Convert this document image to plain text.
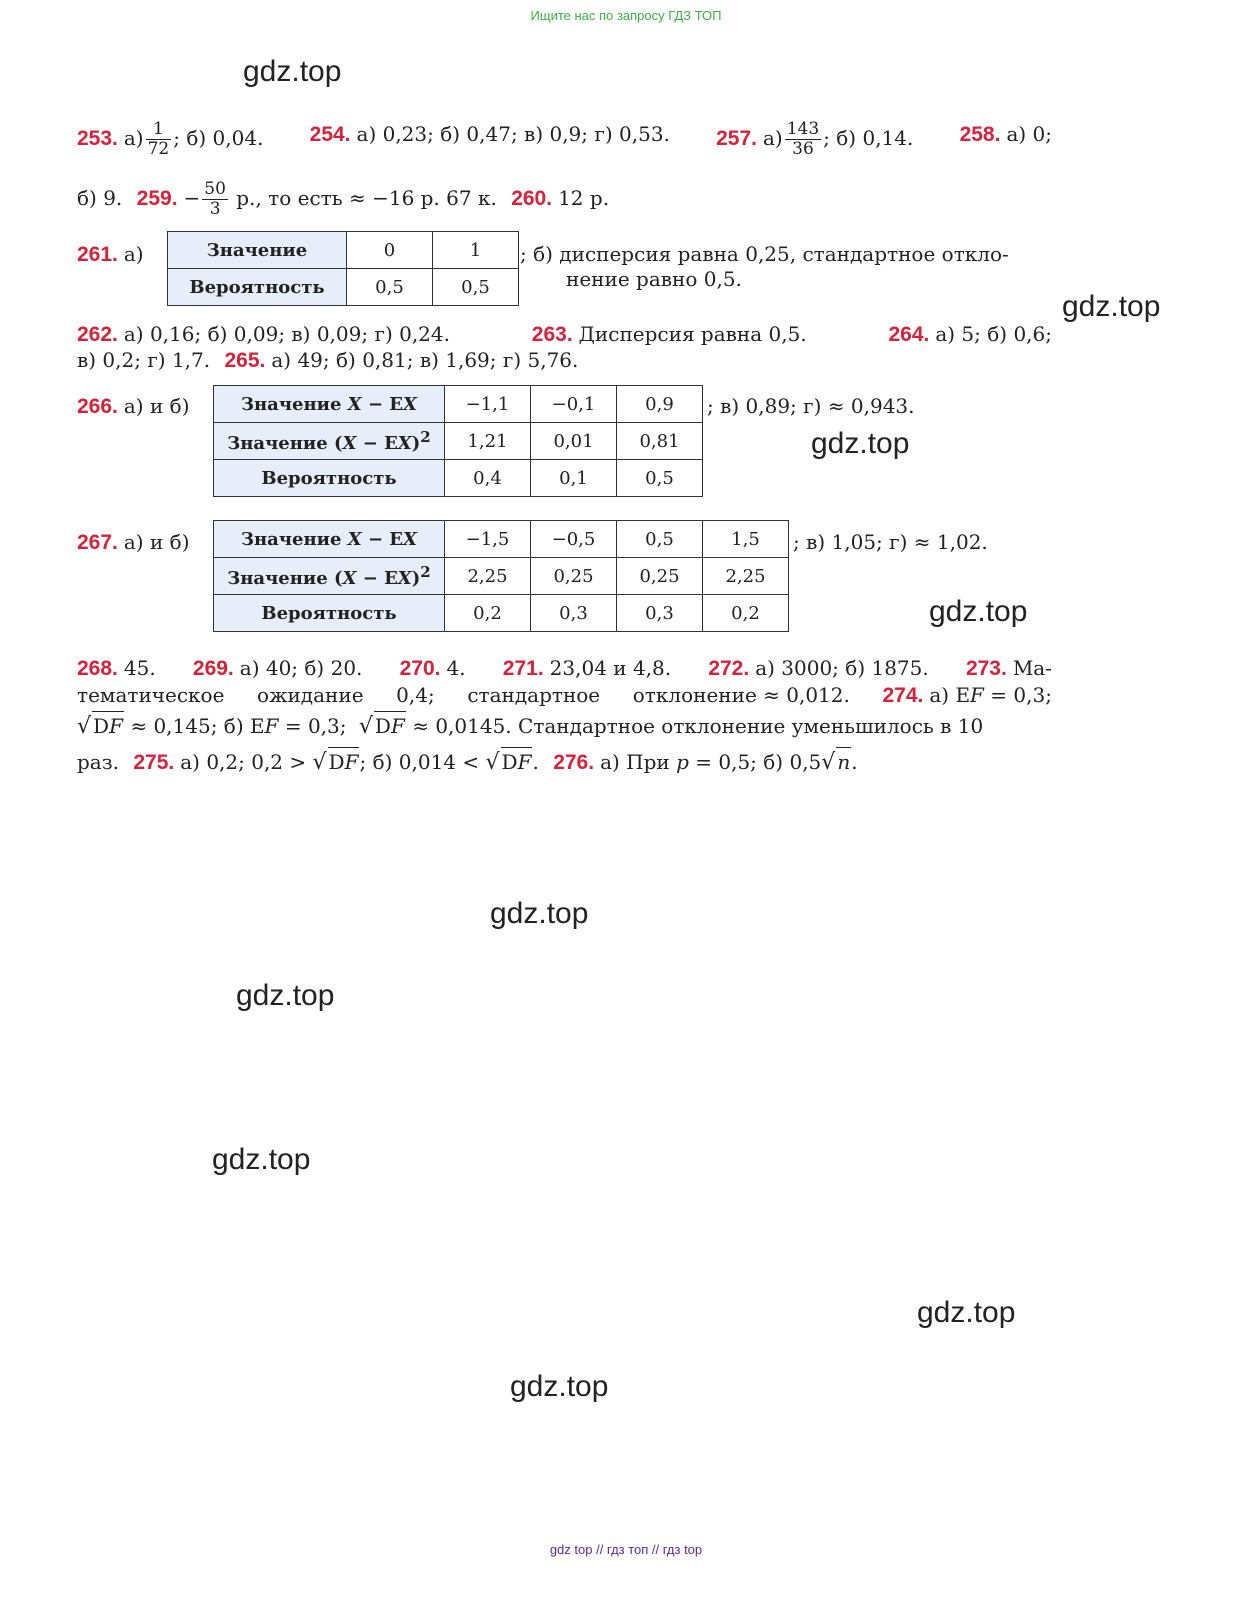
Ищите нас по запросу ГДЗ ТОП
gdz.top
gdz.top
gdz.top
gdz.top
gdz.top
gdz.top
gdz.top
gdz.top
gdz.top
253. $а) \frac{1}{72}$ ; б) 0,04. 254. а) 0,23; б) 0,47; в) 0,9; г) 0,53. 257. $а) \frac{143}{36}$ ; б) 0,14. 258. а) 0;
б) 9. 259. − $\frac{50}{3} р$., то есть ≈ −16 р. 67 к. 260. 12 р.
261. а)	Значение	0	1
Вероятность	0,5	0,5
; б) дисперсия равна 0,25, стандартное откло-
нение равно 0,5.
262. а) 0,16; б) 0,09; в) 0,09; г) 0,24.	263. Дисперсия равна 0,5.	264. а) 5; б) 0,6;
в) 0,2; г) 1,7. 265. а) 49; б) 0,81; в) 1,69; г) 5,76.
266. а) и б)	Значение X − EX	−1,1	−0,1	0,9
Значение (X − EX)$^2$	1,21	0,01	0,81
Вероятность	0,4	0,1	0,5
; в) 0,89; г) ≈ 0,943.
267. а) и б)	Значение X − EX	−1,5	−0,5	0,5	1,5
Значение (X − EX)$^2$	2,25	0,25	0,25	2,25
Вероятность	0,2	0,3	0,3	0,2
; в) 1,05; г) ≈ 1,02.
268. 45. 269. а) 40; б) 20. 270. 4. 271. 23,04 и 4,8. 272. а) 3000; б) 1875. 273. Ма-
тематическое ожидание 0,4; стандартное отклонение ≈ 0,012. 274. а) EF = 0,3;
√ DF ≈ 0,145; б) EF = 0,3; √ DF ≈ 0,0145. Стандартное отклонение уменьшилось в 10
раз. 275. а) 0,2; 0,2 > √ DF; б) 0,014 < √ DF. 276. а) При p = 0,5; б) 0,5√ n.
gdz top // гдз топ // гдз top
